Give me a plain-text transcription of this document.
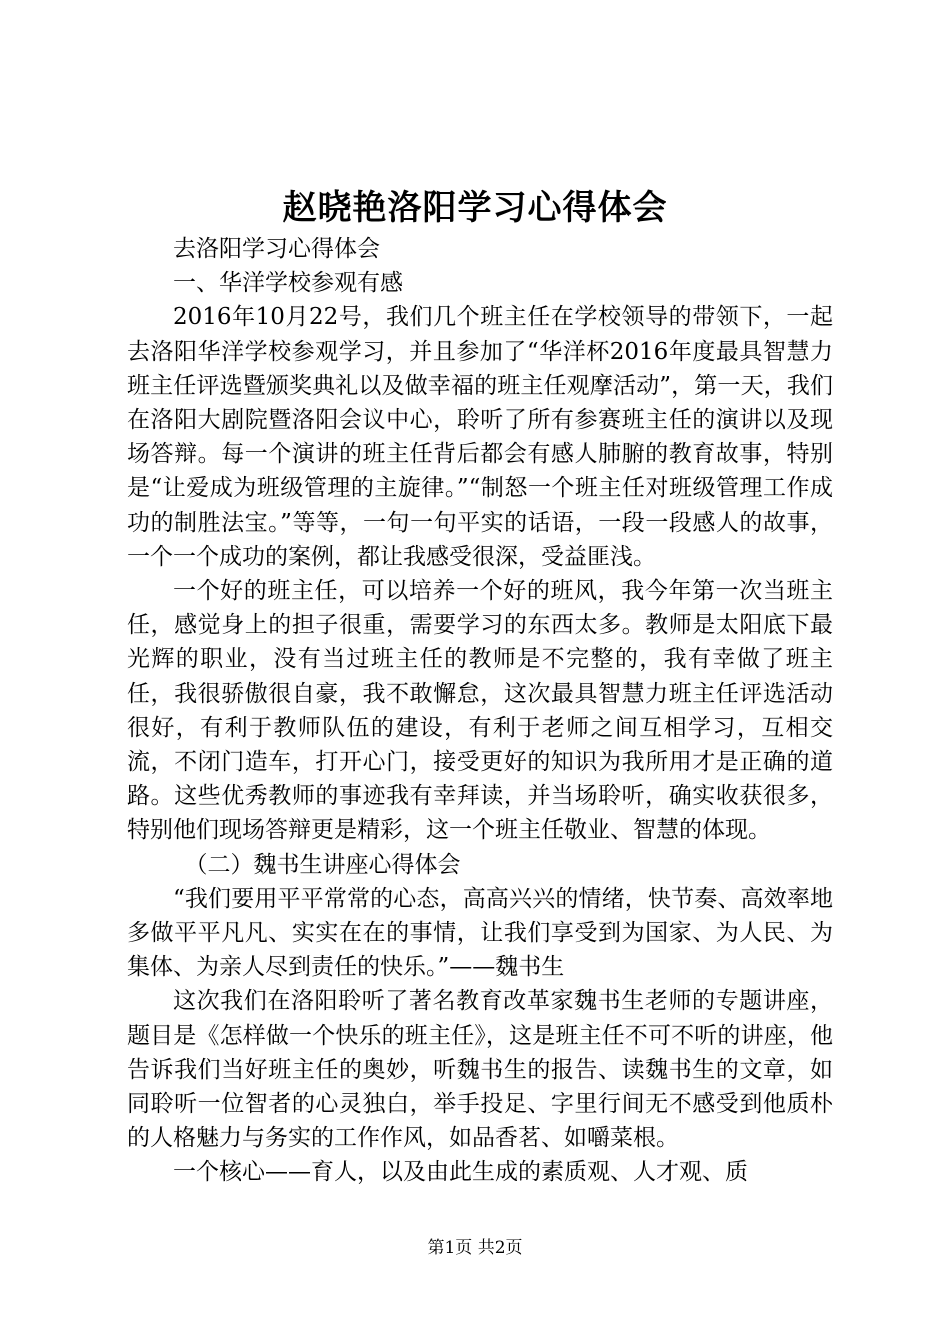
赵晓艳洛阳学习心得体会

去洛阳学习心得体会

一、华洋学校参观有感

2016年10月22号，我们几个班主任在学校领导的带领下，一起去洛阳华洋学校参观学习，并且参加了“华洋杯2016年度最具智慧力班主任评选暨颁奖典礼以及做幸福的班主任观摩活动”，第一天，我们在洛阳大剧院暨洛阳会议中心，聆听了所有参赛班主任的演讲以及现场答辩。每一个演讲的班主任背后都会有感人肺腑的教育故事，特别是“让爱成为班级管理的主旋律。”“制怒一个班主任对班级管理工作成功的制胜法宝。”等等，一句一句平实的话语，一段一段感人的故事，一个一个成功的案例，都让我感受很深，受益匪浅。

一个好的班主任，可以培养一个好的班风，我今年第一次当班主任，感觉身上的担子很重，需要学习的东西太多。教师是太阳底下最光辉的职业，没有当过班主任的教师是不完整的，我有幸做了班主任，我很骄傲很自豪，我不敢懈怠，这次最具智慧力班主任评选活动很好，有利于教师队伍的建设，有利于老师之间互相学习，互相交流，不闭门造车，打开心门，接受更好的知识为我所用才是正确的道路。这些优秀教师的事迹我有幸拜读，并当场聆听，确实收获很多，特别他们现场答辩更是精彩，这一个班主任敬业、智慧的体现。

（二）魏书生讲座心得体会

“我们要用平平常常的心态，高高兴兴的情绪，快节奏、高效率地多做平平凡凡、实实在在的事情，让我们享受到为国家、为人民、为集体、为亲人尽到责任的快乐。”——魏书生

这次我们在洛阳聆听了著名教育改革家魏书生老师的专题讲座，题目是《怎样做一个快乐的班主任》，这是班主任不可不听的讲座，他告诉我们当好班主任的奥妙，听魏书生的报告、读魏书生的文章，如同聆听一位智者的心灵独白，举手投足、字里行间无不感受到他质朴的人格魅力与务实的工作作风，如品香茗、如嚼菜根。

一个核心——育人，以及由此生成的素质观、人才观、质

第1页 共2页
